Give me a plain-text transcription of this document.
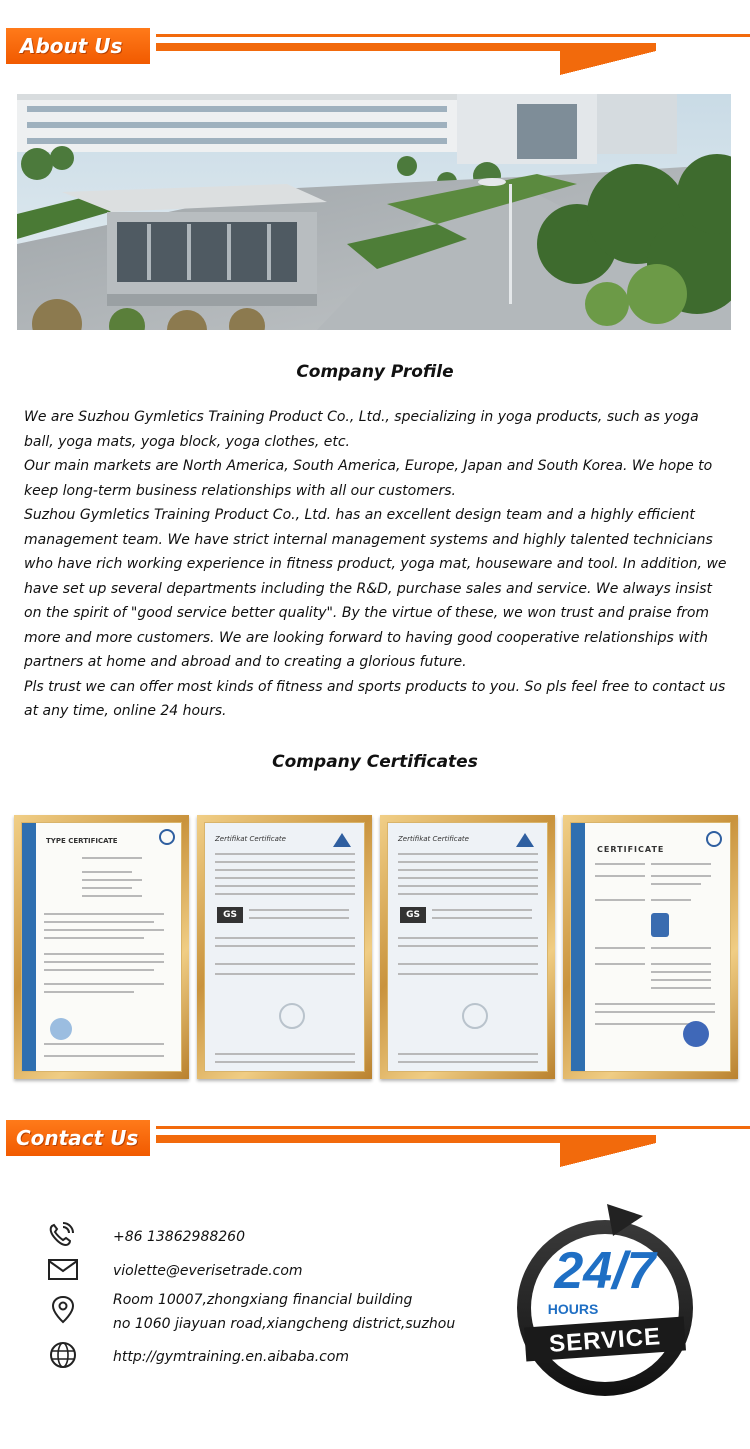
About Us
Company Profile

We are Suzhou Gymletics Training Product Co., Ltd., specializing in yoga products, such as yoga ball, yoga mats, yoga block, yoga clothes, etc.

Our main markets are North America, South America, Europe, Japan and South Korea. We hope to keep long-term business relationships with all our customers.

Suzhou Gymletics Training Product Co., Ltd. has an excellent design team and a highly efficient management team. We have strict internal management systems and highly talented technicians who have rich working experience in fitness product, yoga mat, houseware and tool. In addition, we have set up several departments including the R&D, purchase sales and service. We always insist on the spirit of "good service better quality". By the virtue of these, we won trust and praise from more and more customers. We are looking forward to having good cooperative relationships with partners at home and abroad and to creating a glorious future.

Pls trust we can offer most kinds of fitness and sports products to you. So pls feel free to contact us at any time, online 24 hours.

Company Certificates
TYPE CERTIFICATE	Zertifikat Certificate
GS
Zertifikat Certificate
GS
CERTIFICATE
Contact Us
+86 13862988260
violette@everisetrade.com
Room 10007,zhongxiang financial building
no 1060 jiayuan road,xiangcheng district,suzhou
http://gymtraining.en.aibaba.com
24/7
HOURS
SERVICE
